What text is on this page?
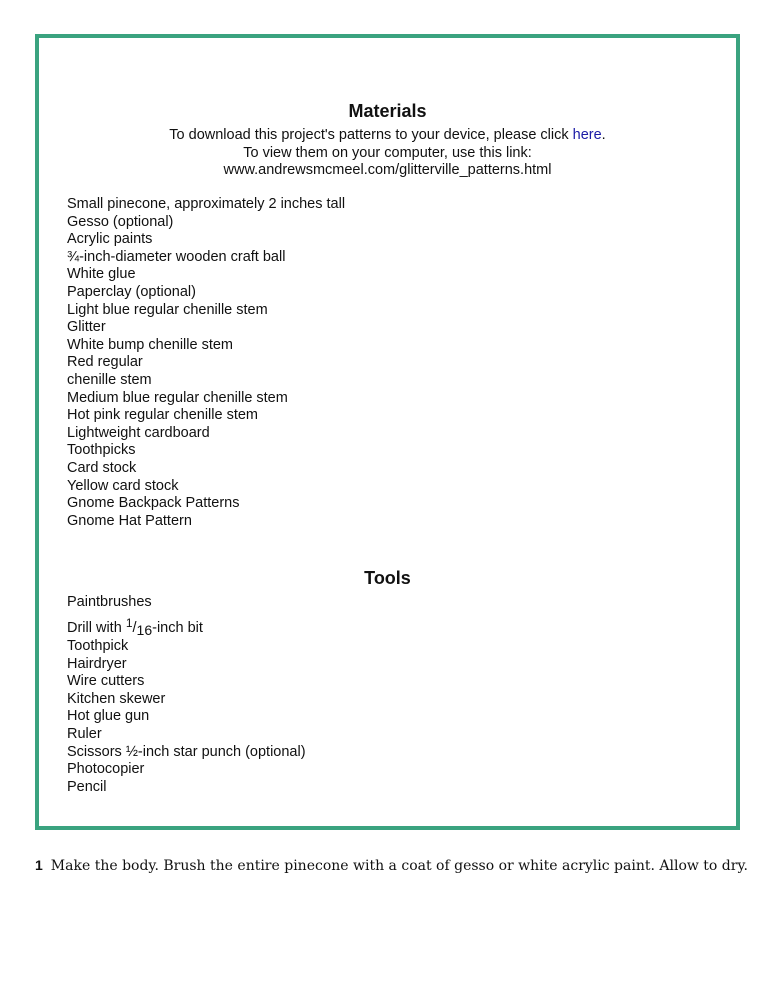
Materials
To download this project's patterns to your device, please click here.
To view them on your computer, use this link:
www.andrewsmcmeel.com/glitterville_patterns.html
Small pinecone, approximately 2 inches tall
Gesso (optional)
Acrylic paints
¾-inch-diameter wooden craft ball
White glue
Paperclay (optional)
Light blue regular chenille stem
Glitter
White bump chenille stem
Red regular
chenille stem
Medium blue regular chenille stem
Hot pink regular chenille stem
Lightweight cardboard
Toothpicks
Card stock
Yellow card stock
Gnome Backpack Patterns
Gnome Hat Pattern
Tools
Paintbrushes
Drill with $^1/_{16}$-inch bit
Toothpick
Hairdryer
Wire cutters
Kitchen skewer
Hot glue gun
Ruler
Scissors ½-inch star punch (optional)
Photocopier
Pencil
1 Make the body. Brush the entire pinecone with a coat of gesso or white acrylic paint. Allow to dry.
